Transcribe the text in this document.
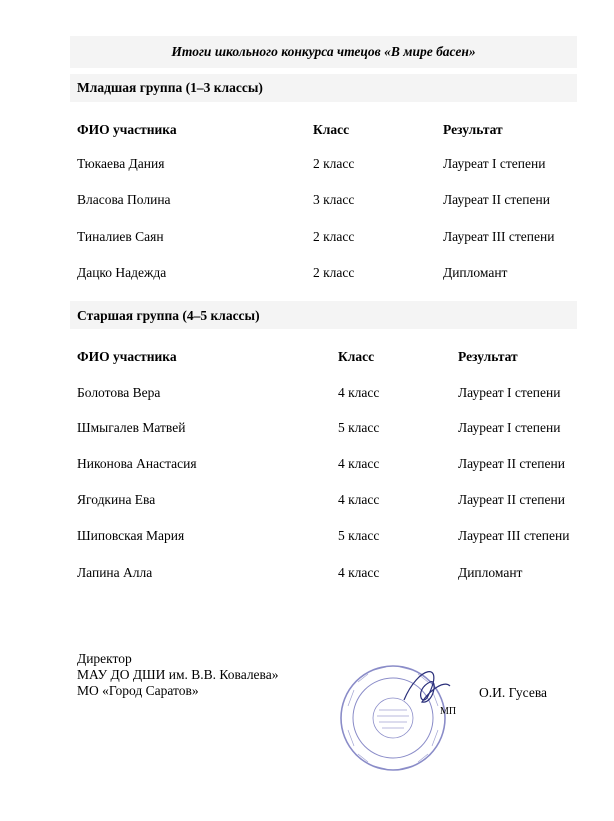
Итоги школьного конкурса чтецов «В мире басен»
Младшая группа (1–3 классы)
ФИО участника	Класс	Результат
Тюкаева Дания	2 класс	Лауреат I степени
Власова Полина	3 класс	Лауреат II степени
Тиналиев Саян	2 класс	Лауреат III степени
Дацко Надежда	2 класс	Дипломант
Старшая группа (4–5 классы)
ФИО участника	Класс	Результат
Болотова Вера	4 класс	Лауреат I степени
Шмыгалев Матвей	5 класс	Лауреат I степени
Никонова Анастасия	4 класс	Лауреат II степени
Ягодкина Ева	4 класс	Лауреат II степени
Шиповская Мария	5 класс	Лауреат III степени
Лапина Алла	4 класс	Дипломант
Директор
МАУ ДО ДШИ им. В.В. Ковалева»
МО «Город Саратов»	О.И. Гусева
МП
